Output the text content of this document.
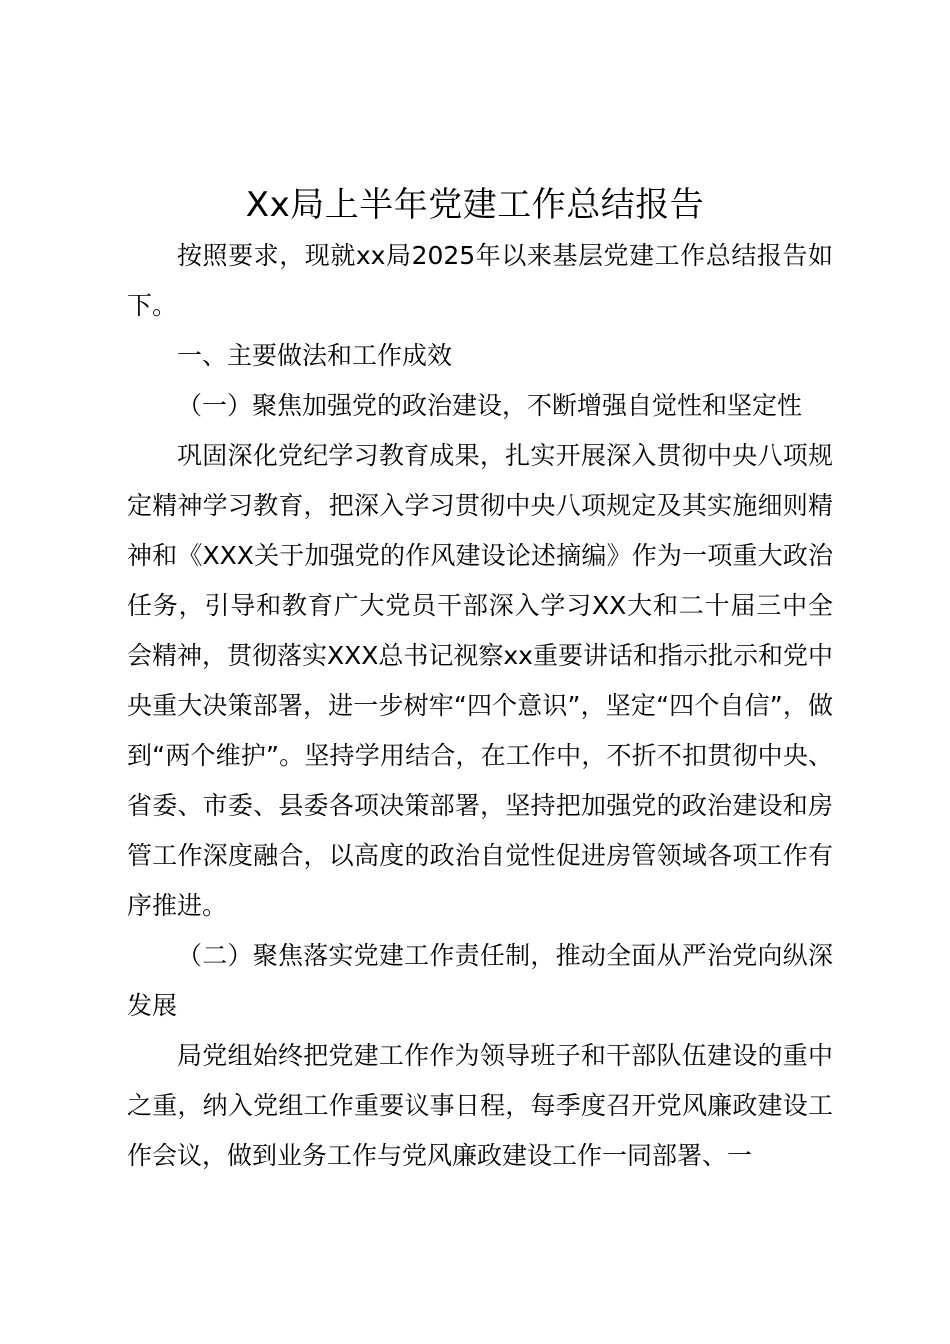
Xx局上半年党建工作总结报告

按照要求，现就xx局2025年以来基层党建工作总结报告如下。

一、主要做法和工作成效

（一）聚焦加强党的政治建设，不断增强自觉性和坚定性

巩固深化党纪学习教育成果，扎实开展深入贯彻中央八项规定精神学习教育，把深入学习贯彻中央八项规定及其实施细则精神和《XXX关于加强党的作风建设论述摘编》作为一项重大政治任务，引导和教育广大党员干部深入学习XX大和二十届三中全会精神，贯彻落实XXX总书记视察xx重要讲话和指示批示和党中央重大决策部署，进一步树牢“四个意识”，坚定“四个自信”，做到“两个维护”。坚持学用结合，在工作中，不折不扣贯彻中央、省委、市委、县委各项决策部署，坚持把加强党的政治建设和房管工作深度融合，以高度的政治自觉性促进房管领域各项工作有序推进。

（二）聚焦落实党建工作责任制，推动全面从严治党向纵深发展

局党组始终把党建工作作为领导班子和干部队伍建设的重中之重，纳入党组工作重要议事日程，每季度召开党风廉政建设工作会议，做到业务工作与党风廉政建设工作一同部署、一
